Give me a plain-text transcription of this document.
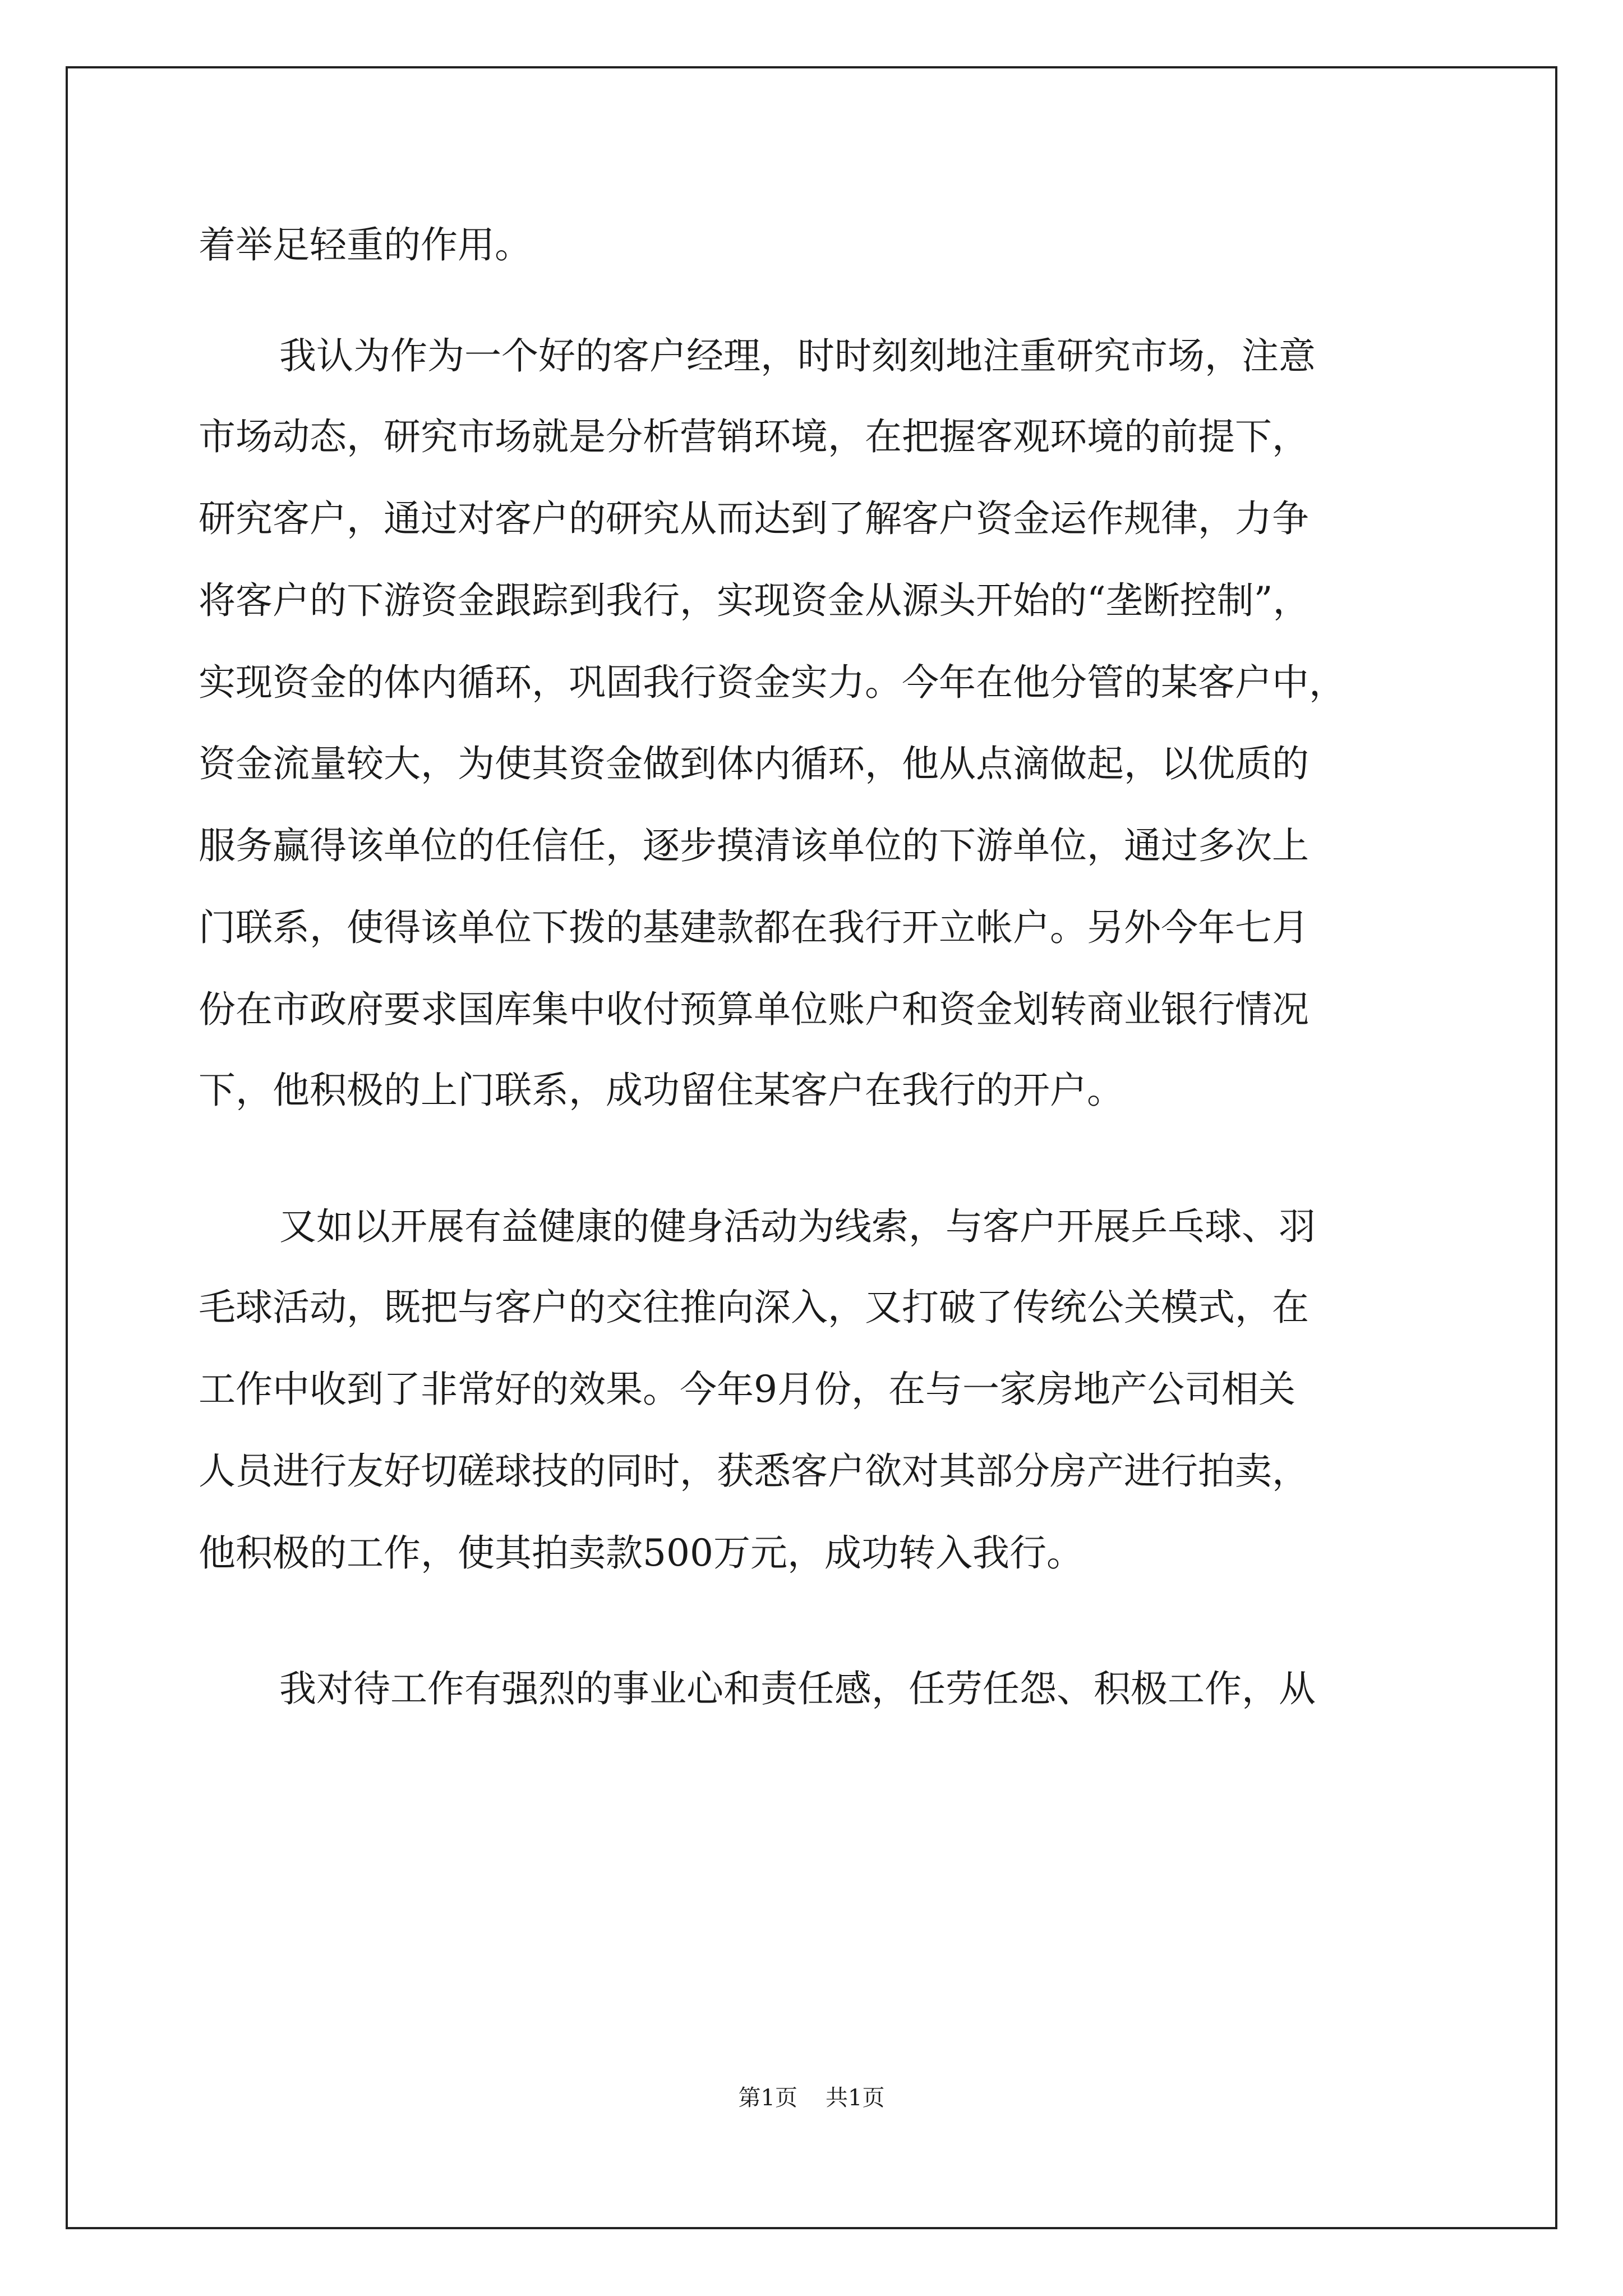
着举足轻重的作用。
我认为作为一个好的客户经理，时时刻刻地注重研究市场，注意
市场动态，研究市场就是分析营销环境，在把握客观环境的前提下，
研究客户，通过对客户的研究从而达到了解客户资金运作规律，力争
将客户的下游资金跟踪到我行，实现资金从源头开始的“垄断控制”，
实现资金的体内循环，巩固我行资金实力。今年在他分管的某客户中，
资金流量较大，为使其资金做到体内循环，他从点滴做起，以优质的
服务赢得该单位的任信任，逐步摸清该单位的下游单位，通过多次上
门联系，使得该单位下拨的基建款都在我行开立帐户。另外今年七月
份在市政府要求国库集中收付预算单位账户和资金划转商业银行情况
下，他积极的上门联系，成功留住某客户在我行的开户。
又如以开展有益健康的健身活动为线索，与客户开展乒乓球、羽
毛球活动，既把与客户的交往推向深入，又打破了传统公关模式，在
工作中收到了非常好的效果。今年9月份，在与一家房地产公司相关
人员进行友好切磋球技的同时，获悉客户欲对其部分房产进行拍卖，
他积极的工作，使其拍卖款500万元，成功转入我行。
我对待工作有强烈的事业心和责任感，任劳任怨、积极工作，从
第1页 共1页
